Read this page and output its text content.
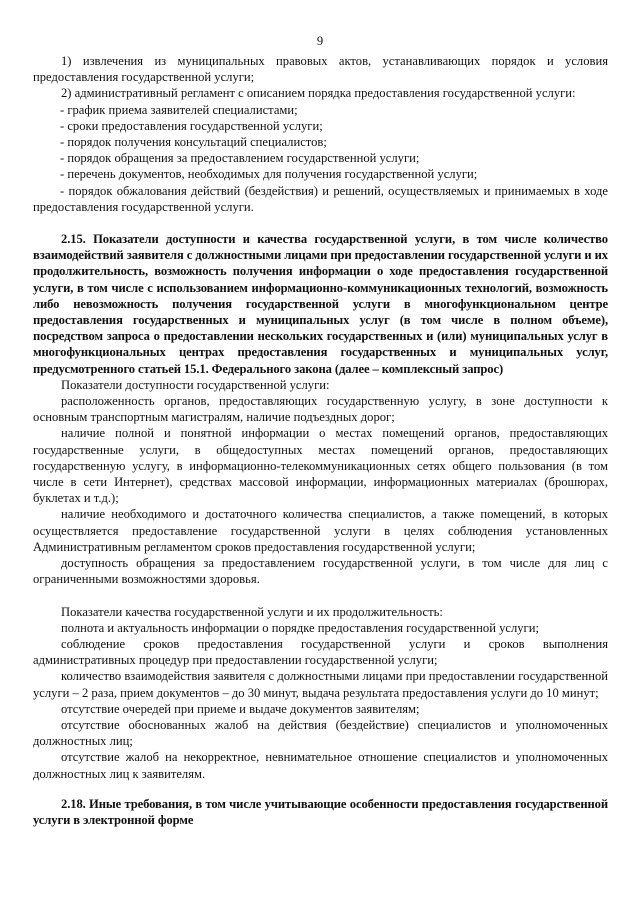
9

1) извлечения из муниципальных правовых актов, устанавливающих порядок и условия предоставления государственной услуги;

2) административный регламент с описанием порядка предоставления государственной услуги:

- график приема заявителей специалистами;

- сроки предоставления государственной услуги;

- порядок получения консультаций специалистов;

- порядок обращения за предоставлением государственной услуги;

- перечень документов, необходимых для получения государственной услуги;

- порядок обжалования действий (бездействия) и решений, осуществляемых и принимаемых в ходе предоставления государственной услуги.

2.15. Показатели доступности и качества государственной услуги, в том числе количество взаимодействий заявителя с должностными лицами при предоставлении государственной услуги и их продолжительность, возможность получения информации о ходе предоставления государственной услуги, в том числе с использованием информационно-коммуникационных технологий, возможность либо невозможность получения государственной услуги в многофункциональном центре предоставления государственных и муниципальных услуг (в том числе в полном объеме), посредством запроса о предоставлении нескольких государственных и (или) муниципальных услуг в многофункциональных центрах предоставления государственных и муниципальных услуг, предусмотренного статьей 15.1. Федерального закона (далее – комплексный запрос)

Показатели доступности государственной услуги:

расположенность органов, предоставляющих государственную услугу, в зоне доступности к основным транспортным магистралям, наличие подъездных дорог;

наличие полной и понятной информации о местах помещений органов, предоставляющих государственные услуги, в общедоступных местах помещений органов, предоставляющих государственную услугу, в информационно-телекоммуникационных сетях общего пользования (в том числе в сети Интернет), средствах массовой информации, информационных материалах (брошюрах, буклетах и т.д.);

наличие необходимого и достаточного количества специалистов, а также помещений, в которых осуществляется предоставление государственной услуги в целях соблюдения установленных Административным регламентом сроков предоставления государственной услуги;

доступность обращения за предоставлением государственной услуги, в том числе для лиц с ограниченными возможностями здоровья.

Показатели качества государственной услуги и их продолжительность:

полнота и актуальность информации о порядке предоставления государственной услуги;

соблюдение сроков предоставления государственной услуги и сроков выполнения административных процедур при предоставлении государственной услуги;

количество взаимодействия заявителя с должностными лицами при предоставлении государственной услуги – 2 раза, прием документов – до 30 минут, выдача результата предоставления услуги до 10 минут;

отсутствие очередей при приеме и выдаче документов заявителям;

отсутствие обоснованных жалоб на действия (бездействие) специалистов и уполномоченных должностных лиц;

отсутствие жалоб на некорректное, невнимательное отношение специалистов и уполномоченных должностных лиц к заявителям.

2.18. Иные требования, в том числе учитывающие особенности предоставления государственной услуги в электронной форме
